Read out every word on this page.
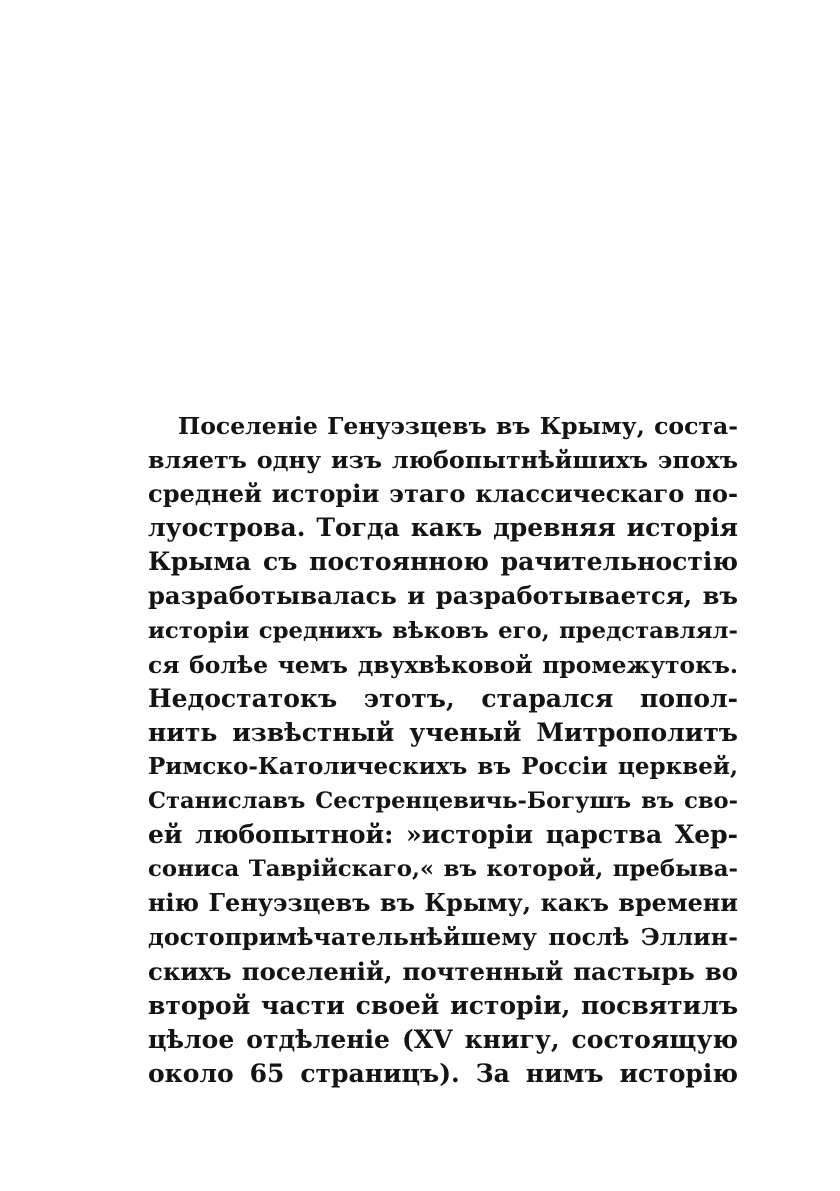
Поселенie Генуэзцевъ въ Крыму, соста-
вляетъ одну изъ любопытнѣйшихъ эпохъ
средней исторiи этаго классическаго по-
луострова. Тогда какъ древняя исторiя
Крыма съ постоянною рачительностiю
разработывалась и разработывается, въ
исторiи среднихъ вѣковъ его, представлял-
ся болѣе чемъ двухвѣковой промежутокъ.
Недостатокъ этотъ, старался попол-
нить извѣстный ученый Митрополитъ
Римско-Католическихъ въ Россiи церквей,
Станиславъ Сестренцевичь-Богушъ въ сво-
ей любопытной: »исторiи царства Хер-
сониса Таврiйскаго,« въ которой, пребыва-
нiю Генуэзцевъ въ Крыму, какъ времени
достопримѣчательнѣйшему послѣ Эллин-
скихъ поселенiй, почтенный пастырь во
второй части своей исторiи, посвятилъ
цѣлое отдѣленiе (XV книгу, состоящую
около 65 страницъ). За нимъ исторiю
